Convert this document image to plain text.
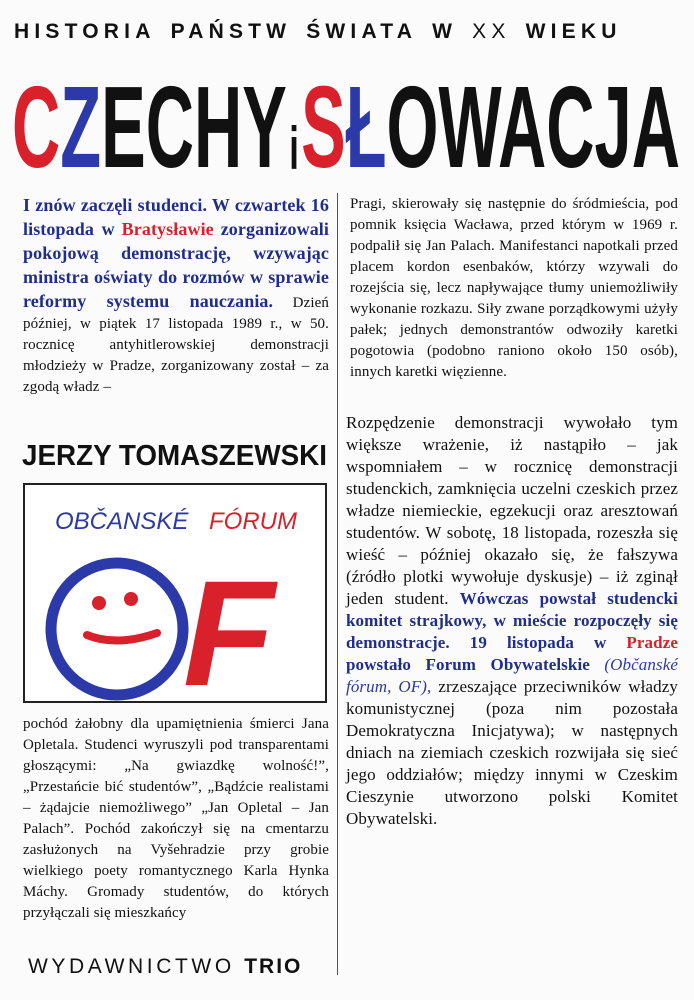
HISTORIA PAŃSTW ŚWIATA W XX WIEKU
CZECHYiSŁOWACJA
I znów zaczęli studenci. W czwartek 16 listopada w Bratysławie zorganizowali pokojową demonstrację, wzywając ministra oświaty do rozmów w sprawie reformy systemu nauczania. Dzień później, w piątek 17 listopada 1989 r., w 50. rocznicę antyhitlerowskiej demonstracji młodzieży w Pradze, zorganizowany został – za zgodą władz –
JERZY TOMASZEWSKI
OBČANSKÉ FÓRUM
F
pochód żałobny dla upamiętnienia śmierci Jana Opletala. Studenci wyruszyli pod transparentami głoszącymi: „Na gwiazdkę wolność!”, „Przestańcie bić studentów”, „Bądźcie realistami – żądajcie niemożliwego” „Jan Opletal – Jan Palach”. Pochód zakończył się na cmentarzu zasłużonych na Vyšehradzie przy grobie wielkiego poety romantycznego Karla Hynka Máchy. Gromady studentów, do których przyłączali się mieszkańcy
WYDAWNICTWO TRIO
Pragi, skierowały się następnie do śródmieścia, pod pomnik księcia Wacława, przed którym w 1969 r. podpalił się Jan Palach. Manifestanci napotkali przed placem kordon esenbaków, którzy wzywali do rozejścia się, lecz napływające tłumy uniemożliwiły wykonanie rozkazu. Siły zwane porządkowymi użyły pałek; jednych demonstrantów odwoziły karetki pogotowia (podobno raniono około 150 osób), innych karetki więzienne.
Rozpędzenie demonstracji wywołało tym większe wrażenie, iż nastąpiło – jak wspomniałem – w rocznicę demonstracji studenckich, zamknięcia uczelni czeskich przez władze niemieckie, egzekucji oraz aresztowań studentów. W sobotę, 18 listopada, rozeszła się wieść – później okazało się, że fałszywa (źródło plotki wywołuje dyskusje) – iż zginął jeden student. Wówczas powstał studencki komitet strajkowy, w mieście rozpoczęły się demonstracje. 19 listopada w Pradze powstało Forum Obywatelskie (Občanské fórum, OF), zrzeszające przeciwników władzy komunistycznej (poza nim pozostała Demokratyczna Inicjatywa); w następnych dniach na ziemiach czeskich rozwijała się sieć jego oddziałów; między innymi w Czeskim Cieszynie utworzono polski Komitet Obywatelski.
